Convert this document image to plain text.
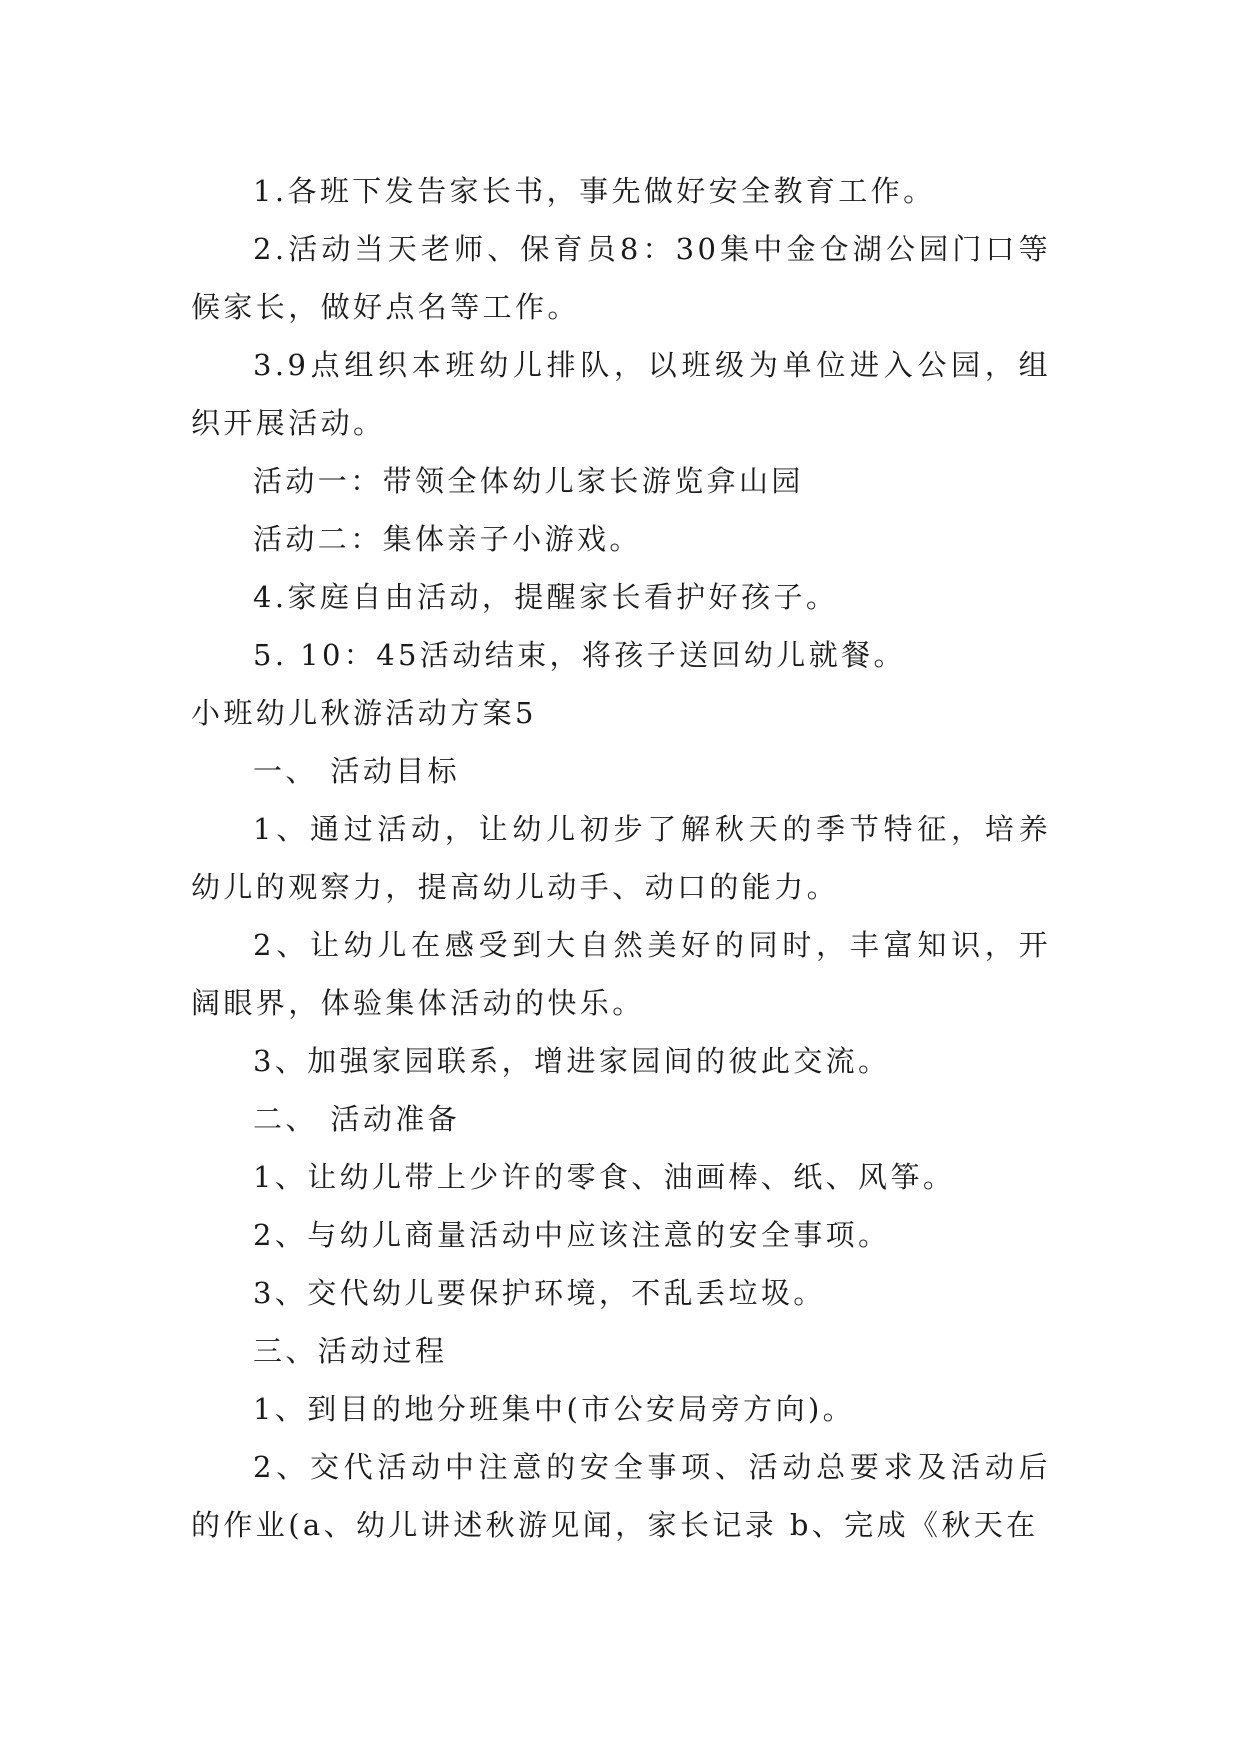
1.各班下发告家长书，事先做好安全教育工作。

2.活动当天老师、保育员8：30集中金仓湖公园门口等候家长，做好点名等工作。

3.9点组织本班幼儿排队，以班级为单位进入公园，组织开展活动。

活动一：带领全体幼儿家长游览弇山园

活动二：集体亲子小游戏。

4.家庭自由活动，提醒家长看护好孩子。

5. 10：45活动结束，将孩子送回幼儿就餐。

小班幼儿秋游活动方案5

一、 活动目标

1、通过活动，让幼儿初步了解秋天的季节特征，培养幼儿的观察力，提高幼儿动手、动口的能力。

2、让幼儿在感受到大自然美好的同时，丰富知识，开阔眼界，体验集体活动的快乐。

3、加强家园联系，增进家园间的彼此交流。

二、 活动准备

1、让幼儿带上少许的零食、油画棒、纸、风筝。

2、与幼儿商量活动中应该注意的安全事项。

3、交代幼儿要保护环境，不乱丢垃圾。

三、活动过程

1、到目的地分班集中(市公安局旁方向)。

2、交代活动中注意的安全事项、活动总要求及活动后的作业(a、幼儿讲述秋游见闻，家长记录 b、完成《秋天在
